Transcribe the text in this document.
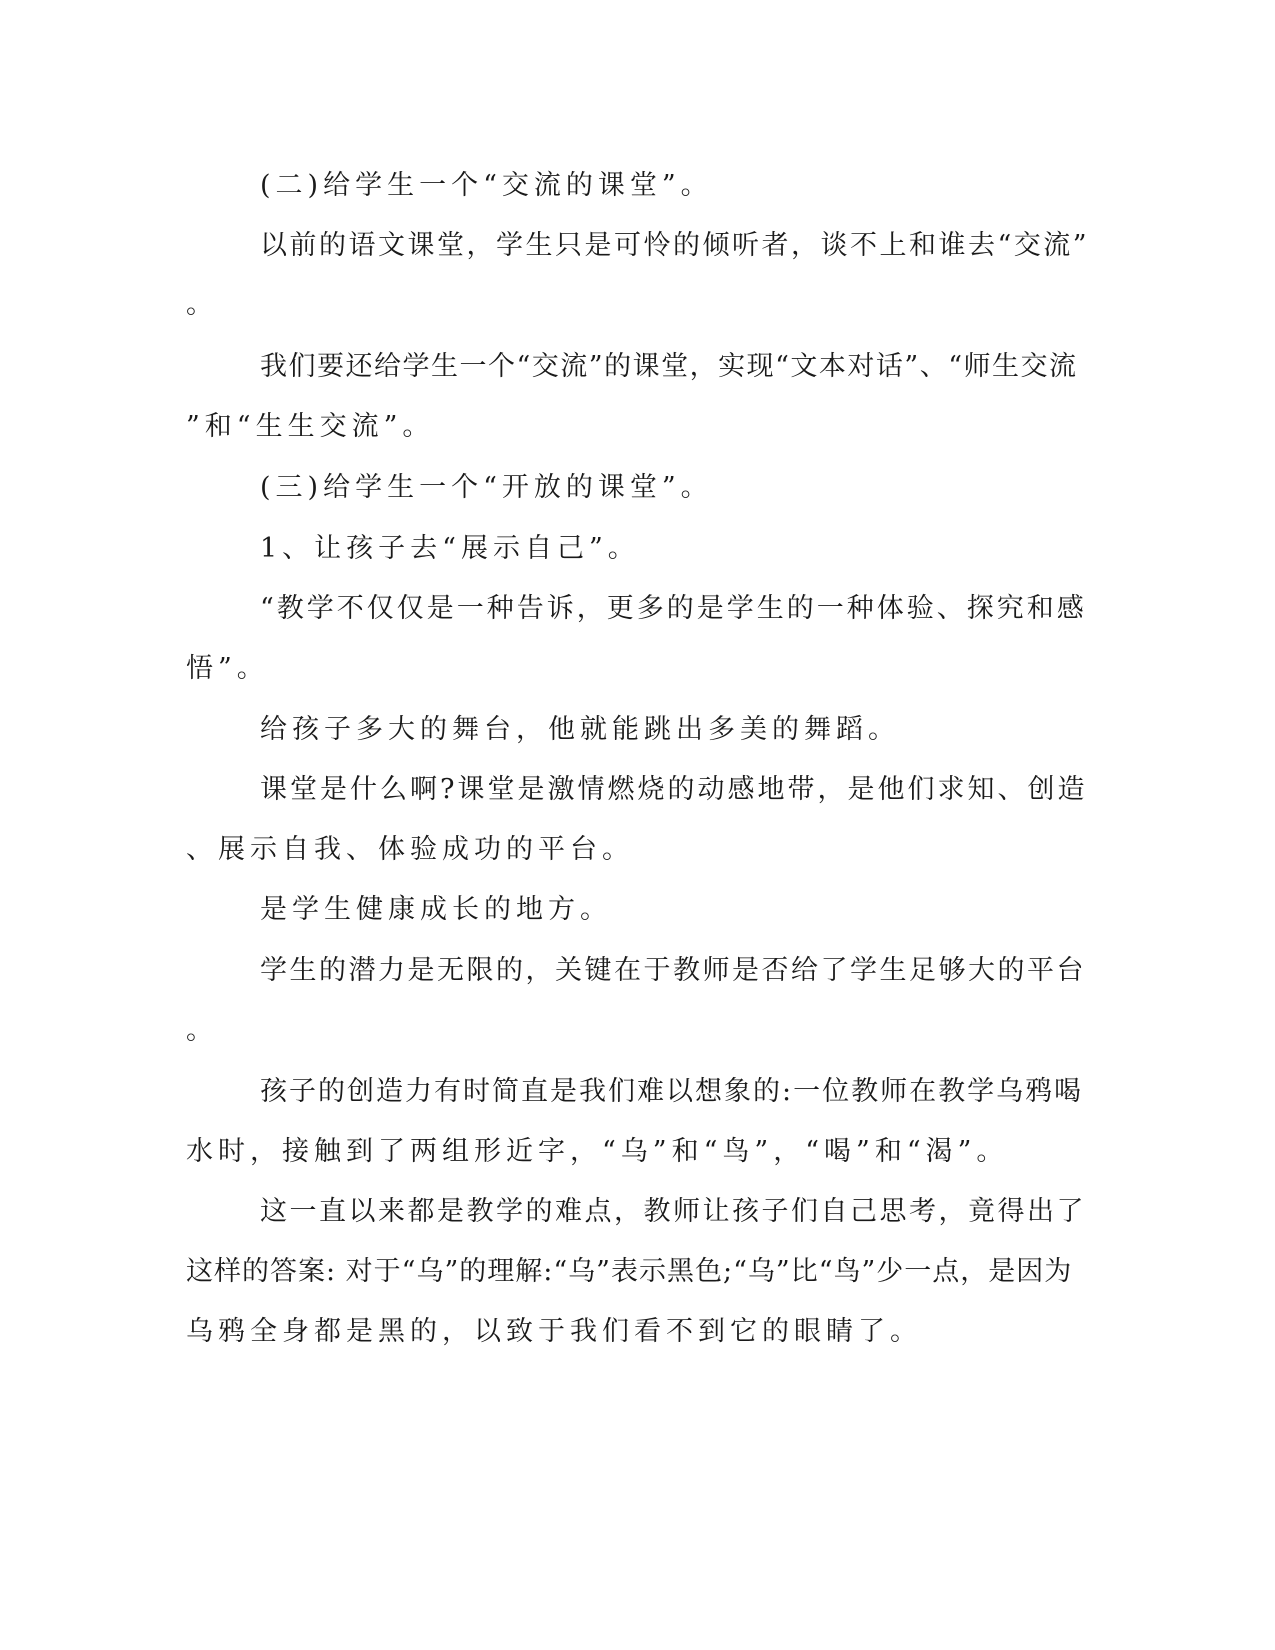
(二)给学生一个“交流的课堂”。
以前的语文课堂，学生只是可怜的倾听者，谈不上和谁去“交流”
。
我们要还给学生一个“交流”的课堂，实现“文本对话”、“师生交流
”和“生生交流”。
(三)给学生一个“开放的课堂”。
1、让孩子去“展示自己”。
“教学不仅仅是一种告诉，更多的是学生的一种体验、探究和感
悟”。
给孩子多大的舞台，他就能跳出多美的舞蹈。
课堂是什么啊?课堂是激情燃烧的动感地带，是他们求知、创造
、展示自我、体验成功的平台。
是学生健康成长的地方。
学生的潜力是无限的，关键在于教师是否给了学生足够大的平台
。
孩子的创造力有时简直是我们难以想象的:一位教师在教学乌鸦喝
水时，接触到了两组形近字，“乌”和“鸟”，“喝”和“渴”。
这一直以来都是教学的难点，教师让孩子们自己思考，竟得出了
这样的答案: 对于“乌”的理解:“乌”表示黑色;“乌”比“鸟”少一点，是因为
乌鸦全身都是黑的，以致于我们看不到它的眼睛了。
